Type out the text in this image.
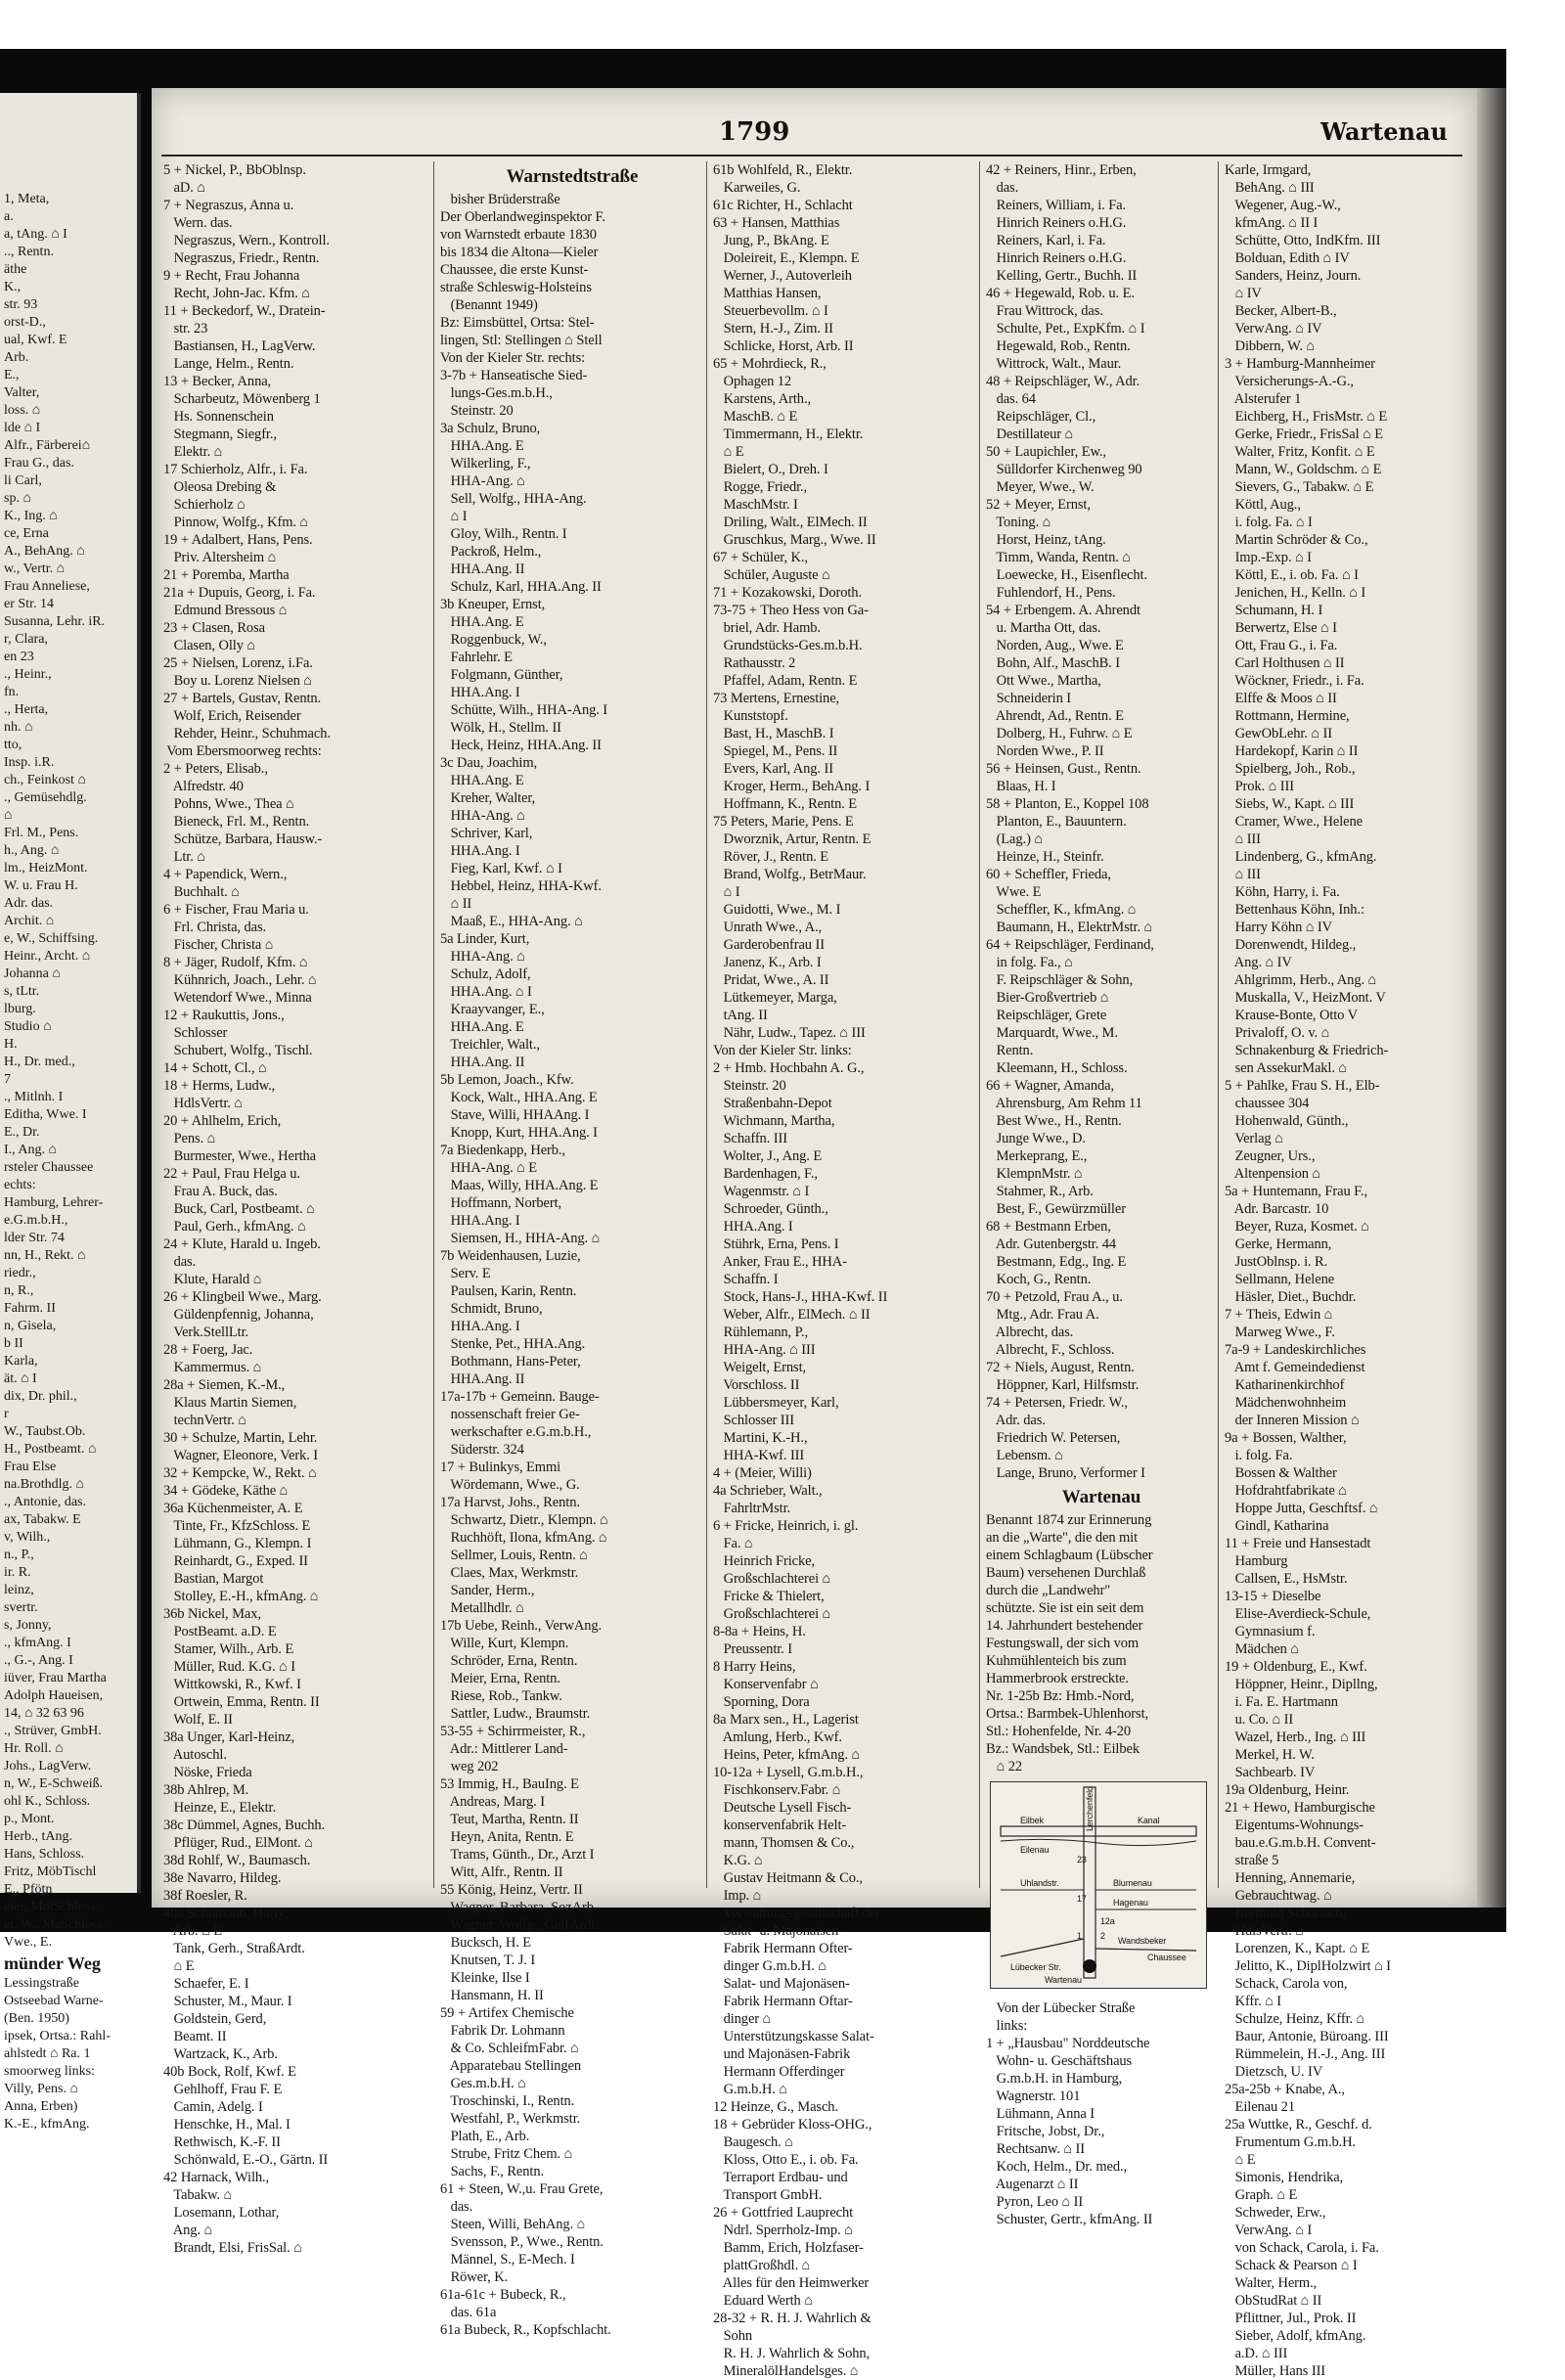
1, Meta,
a.
a, tAng. ⌂ I
.., Rentn.
äthe
K.,
str. 93
orst-D.,
ual, Kwf. E
Arb.
E.,
Valter,
loss. ⌂
lde ⌂ I
Alfr., Färberei⌂
Frau G., das.
li Carl,
sp. ⌂
K., Ing. ⌂
ce, Erna
A., BehAng. ⌂
w., Vertr. ⌂
Frau Anneliese,
er Str. 14
Susanna, Lehr. iR.
r, Clara,
en 23
., Heinr.,
fn.
., Herta,
nh. ⌂
tto,
Insp. i.R.
ch., Feinkost ⌂
., Gemüsehdlg.
⌂
Frl. M., Pens.
h., Ang. ⌂
lm., HeizMont.
W. u. Frau H.
Adr. das.
Archit. ⌂
e, W., Schiffsing.
Heinr., Archt. ⌂
Johanna ⌂
s, tLtr.
lburg.
Studio ⌂
H.
H., Dr. med.,
7
., Mitlnh. I
Editha, Wwe. I
E., Dr.
I., Ang. ⌂
rsteler Chaussee
echts:
Hamburg, Lehrer-
e.G.m.b.H.,
lder Str. 74
nn, H., Rekt. ⌂
riedr.,
n, R.,
Fahrm. II
n, Gisela,
b II
Karla,
ät. ⌂ I
dix, Dr. phil.,
r
W., Taubst.Ob.
H., Postbeamt. ⌂
Frau Else
na.Brothdlg. ⌂
., Antonie, das.
ax, Tabakw. E
v, Wilh.,
n., P.,
ir. R.
leinz,
svertr.
s, Jonny,
., kfmAng. I
., G.-, Ang. I
iüver, Frau Martha
Adolph Haueisen,
14, ⌂ 32 63 96
., Strüver, GmbH.
Hr. Roll. ⌂
Johs., LagVerw.
n, W., E-Schweiß.
ohl K., Schloss.
p., Mont.
Herb., tAng.
Hans, Schloss.
Fritz, MöbTischl
E., Pfötn
eter, MotSchloss.
er, W., MaSchloss.
Vwe., E.
münder Weg
Lessingstraße
Ostseebad Warne-
(Ben. 1950)
ipsek, Ortsa.: Rahl-
ahlstedt ⌂ Ra. 1
smoorweg links:
Villy, Pens. ⌂
Anna, Erben)
K.-E., kfmAng.
1799	Wartenau
5 + Nickel, P., BbOblnsp.
aD. ⌂
7 + Negraszus, Anna u.
Wern. das.
Negraszus, Wern., Kontroll.
Negraszus, Friedr., Rentn.
9 + Recht, Frau Johanna
Recht, John-Jac. Kfm. ⌂
11 + Beckedorf, W., Dratein-
str. 23
Bastiansen, H., LagVerw.
Lange, Helm., Rentn.
13 + Becker, Anna,
Scharbeutz, Möwenberg 1
Hs. Sonnenschein
Stegmann, Siegfr.,
Elektr. ⌂
17 Schierholz, Alfr., i. Fa.
Oleosa Drebing &
Schierholz ⌂
Pinnow, Wolfg., Kfm. ⌂
19 + Adalbert, Hans, Pens.
Priv. Altersheim ⌂
21 + Poremba, Martha
21a + Dupuis, Georg, i. Fa.
Edmund Bressous ⌂
23 + Clasen, Rosa
Clasen, Olly ⌂
25 + Nielsen, Lorenz, i.Fa.
Boy u. Lorenz Nielsen ⌂
27 + Bartels, Gustav, Rentn.
Wolf, Erich, Reisender
Rehder, Heinr., Schuhmach.
Vom Ebersmoorweg rechts:
2 + Peters, Elisab.,
Alfredstr. 40
Pohns, Wwe., Thea ⌂
Bieneck, Frl. M., Rentn.
Schütze, Barbara, Hausw.-
Ltr. ⌂
4 + Papendick, Wern.,
Buchhalt. ⌂
6 + Fischer, Frau Maria u.
Frl. Christa, das.
Fischer, Christa ⌂
8 + Jäger, Rudolf, Kfm. ⌂
Kühnrich, Joach., Lehr. ⌂
Wetendorf Wwe., Minna
12 + Raukuttis, Jons.,
Schlosser
Schubert, Wolfg., Tischl.
14 + Schott, Cl., ⌂
18 + Herms, Ludw.,
HdlsVertr. ⌂
20 + Ahlhelm, Erich,
Pens. ⌂
Burmester, Wwe., Hertha
22 + Paul, Frau Helga u.
Frau A. Buck, das.
Buck, Carl, Postbeamt. ⌂
Paul, Gerh., kfmAng. ⌂
24 + Klute, Harald u. Ingeb.
das.
Klute, Harald ⌂
26 + Klingbeil Wwe., Marg.
Güldenpfennig, Johanna,
Verk.StellLtr.
28 + Foerg, Jac.
Kammermus. ⌂
28a + Siemen, K.-M.,
Klaus Martin Siemen,
technVertr. ⌂
30 + Schulze, Martin, Lehr.
Wagner, Eleonore, Verk. I
32 + Kempcke, W., Rekt. ⌂
34 + Gödeke, Käthe ⌂
36a Küchenmeister, A. E
Tinte, Fr., KfzSchloss. E
Lühmann, G., Klempn. I
Reinhardt, G., Exped. II
Bastian, Margot
Stolley, E.-H., kfmAng. ⌂
36b Nickel, Max,
PostBeamt. a.D. E
Stamer, Wilh., Arb. E
Müller, Rud. K.G. ⌂ I
Wittkowski, R., Kwf. I
Ortwein, Emma, Rentn. II
Wolf, E. II
38a Unger, Karl-Heinz,
Autoschl.
Nöske, Frieda
38b Ahlrep, M.
Heinze, E., Elektr.
38c Dümmel, Agnes, Buchh.
Pflüger, Rud., ElMont. ⌂
38d Rohlf, W., Baumasch.
38e Navarro, Hildeg.
38f Roesler, R.
40a Schümann, Harry,
Arb. ⌂ E
Tank, Gerh., StraßArdt.
⌂ E
Schaefer, E. I
Schuster, M., Maur. I
Goldstein, Gerd,
Beamt. II
Wartzack, K., Arb.
40b Bock, Rolf, Kwf. E
Gehlhoff, Frau F. E
Camin, Adelg. I
Henschke, H., Mal. I
Rethwisch, K.-F. II
Schönwald, E.-O., Gärtn. II
42 Harnack, Wilh.,
Tabakw. ⌂
Losemann, Lothar,
Ang. ⌂
Brandt, Elsi, FrisSal. ⌂
Warnstedtstraße
bisher Brüderstraße
Der Oberlandweginspektor F.
von Warnstedt erbaute 1830
bis 1834 die Altona—Kieler
Chaussee, die erste Kunst-
straße Schleswig-Holsteins
(Benannt 1949)
Bz: Eimsbüttel, Ortsa: Stel-
lingen, Stl: Stellingen ⌂ Stell
Von der Kieler Str. rechts:
3-7b + Hanseatische Sied-
lungs-Ges.m.b.H.,
Steinstr. 20
3a Schulz, Bruno,
HHA.Ang. E
Wilkerling, F.,
HHA-Ang. ⌂
Sell, Wolfg., HHA-Ang.
⌂ I
Gloy, Wilh., Rentn. I
Packroß, Helm.,
HHA.Ang. II
Schulz, Karl, HHA.Ang. II
3b Kneuper, Ernst,
HHA.Ang. E
Roggenbuck, W.,
Fahrlehr. E
Folgmann, Günther,
HHA.Ang. I
Schütte, Wilh., HHA-Ang. I
Wölk, H., Stellm. II
Heck, Heinz, HHA.Ang. II
3c Dau, Joachim,
HHA.Ang. E
Kreher, Walter,
HHA-Ang. ⌂
Schriver, Karl,
HHA.Ang. I
Fieg, Karl, Kwf. ⌂ I
Hebbel, Heinz, HHA-Kwf.
⌂ II
Maaß, E., HHA-Ang. ⌂
5a Linder, Kurt,
HHA-Ang. ⌂
Schulz, Adolf,
HHA.Ang. ⌂ I
Kraayvanger, E.,
HHA.Ang. E
Treichler, Walt.,
HHA.Ang. II
5b Lemon, Joach., Kfw.
Kock, Walt., HHA.Ang. E
Stave, Willi, HHAAng. I
Knopp, Kurt, HHA.Ang. I
7a Biedenkapp, Herb.,
HHA-Ang. ⌂ E
Maas, Willy, HHA.Ang. E
Hoffmann, Norbert,
HHA.Ang. I
Siemsen, H., HHA-Ang. ⌂
7b Weidenhausen, Luzie,
Serv. E
Paulsen, Karin, Rentn.
Schmidt, Bruno,
HHA.Ang. I
Stenke, Pet., HHA.Ang.
Bothmann, Hans-Peter,
HHA.Ang. II
17a-17b + Gemeinn. Bauge-
nossenschaft freier Ge-
werkschafter e.G.m.b.H.,
Süderstr. 324
17 + Bulinkys, Emmi
Wördemann, Wwe., G.
17a Harvst, Johs., Rentn.
Schwartz, Dietr., Klempn. ⌂
Ruchhöft, Ilona, kfmAng. ⌂
Sellmer, Louis, Rentn. ⌂
Claes, Max, Werkmstr.
Sander, Herm.,
Metallhdlr. ⌂
17b Uebe, Reinh., VerwAng.
Wille, Kurt, Klempn.
Schröder, Erna, Rentn.
Meier, Erna, Rentn.
Riese, Rob., Tankw.
Sattler, Ludw., Braumstr.
53-55 + Schirrmeister, R.,
Adr.: Mittlerer Land-
weg 202
53 Immig, H., BauIng. E
Andreas, Marg. I
Teut, Martha, Rentn. II
Heyn, Anita, Rentn. E
Trams, Günth., Dr., Arzt I
Witt, Alfr., Rentn. II
55 König, Heinz, Vertr. II
Wagner, Barbara, SozArb.
Wagner, Wolfg., GelfArdt.
Bucksch, H. E
Knutsen, T. J. I
Kleinke, Ilse I
Hansmann, H. II
59 + Artifex Chemische
Fabrik Dr. Lohmann
& Co. SchleifmFabr. ⌂
Apparatebau Stellingen
Ges.m.b.H. ⌂
Troschinski, I., Rentn.
Westfahl, P., Werkmstr.
Plath, E., Arb.
Strube, Fritz Chem. ⌂
Sachs, F., Rentn.
61 + Steen, W.,u. Frau Grete,
das.
Steen, Willi, BehAng. ⌂
Svensson, P., Wwe., Rentn.
Männel, S., E-Mech. I
Röwer, K.
61a-61c + Bubeck, R.,
das. 61a
61a Bubeck, R., Kopfschlacht.
61b Wohlfeld, R., Elektr.
Karweiles, G.
61c Richter, H., Schlacht
63 + Hansen, Matthias
Jung, P., BkAng. E
Doleireit, E., Klempn. E
Werner, J., Autoverleih
Matthias Hansen,
Steuerbevollm. ⌂ I
Stern, H.-J., Zim. II
Schlicke, Horst, Arb. II
65 + Mohrdieck, R.,
Ophagen 12
Karstens, Arth.,
MaschB. ⌂ E
Timmermann, H., Elektr.
⌂ E
Bielert, O., Dreh. I
Rogge, Friedr.,
MaschMstr. I
Driling, Walt., ElMech. II
Gruschkus, Marg., Wwe. II
67 + Schüler, K.,
Schüler, Auguste ⌂
71 + Kozakowski, Doroth.
73-75 + Theo Hess von Ga-
briel, Adr. Hamb.
Grundstücks-Ges.m.b.H.
Rathausstr. 2
Pfaffel, Adam, Rentn. E
73 Mertens, Ernestine,
Kunststopf.
Bast, H., MaschB. I
Spiegel, M., Pens. II
Evers, Karl, Ang. II
Kroger, Herm., BehAng. I
Hoffmann, K., Rentn. E
75 Peters, Marie, Pens. E
Dworznik, Artur, Rentn. E
Röver, J., Rentn. E
Brand, Wolfg., BetrMaur.
⌂ I
Guidotti, Wwe., M. I
Unrath Wwe., A.,
Garderobenfrau II
Janenz, K., Arb. I
Pridat, Wwe., A. II
Lütkemeyer, Marga,
tAng. II
Nähr, Ludw., Tapez. ⌂ III
Von der Kieler Str. links:
2 + Hmb. Hochbahn A. G.,
Steinstr. 20
Straßenbahn-Depot
Wichmann, Martha,
Schaffn. III
Wolter, J., Ang. E
Bardenhagen, F.,
Wagenmstr. ⌂ I
Schroeder, Günth.,
HHA.Ang. I
Stührk, Erna, Pens. I
Anker, Frau E., HHA-
Schaffn. I
Stock, Hans-J., HHA-Kwf. II
Weber, Alfr., ElMech. ⌂ II
Rühlemann, P.,
HHA-Ang. ⌂ III
Weigelt, Ernst,
Vorschloss. II
Lübbersmeyer, Karl,
Schlosser III
Martini, K.-H.,
HHA-Kwf. III
4 + (Meier, Willi)
4a Schrieber, Walt.,
FahrltrMstr.
6 + Fricke, Heinrich, i. gl.
Fa. ⌂
Heinrich Fricke,
Großschlachterei ⌂
Fricke & Thielert,
Großschlachterei ⌂
8-8a + Heins, H.
Preussentr. I
8 Harry Heins,
Konservenfabr ⌂
Sporning, Dora
8a Marx sen., H., Lagerist
Amlung, Herb., Kwf.
Heins, Peter, kfmAng. ⌂
10-12a + Lysell, G.m.b.H.,
Fischkonserv.Fabr. ⌂
Deutsche Lysell Fisch-
konservenfabrik Helt-
mann, Thomsen & Co.,
K.G. ⌂
Gustav Heitmann & Co.,
Imp. ⌂
Verwaltungsgesellschaft der
Salat- u. Majonaisen-
Fabrik Hermann Ofter-
dinger G.m.b.H. ⌂
Salat- und Majonäsen-
Fabrik Hermann Oftar-
dinger ⌂
Unterstützungskasse Salat-
und Majonäsen-Fabrik
Hermann Offerdinger
G.m.b.H. ⌂
12 Heinze, G., Masch.
18 + Gebrüder Kloss-OHG.,
Baugesch. ⌂
Kloss, Otto E., i. ob. Fa.
Terraport Erdbau- und
Transport GmbH.
26 + Gottfried Lauprecht
Ndrl. Sperrholz-Imp. ⌂
Bamm, Erich, Holzfaser-
plattGroßhdl. ⌂
Alles für den Heimwerker
Eduard Werth ⌂
28-32 + R. H. J. Wahrlich &
Sohn
R. H. J. Wahrlich & Sohn,
MineralölHandelsges. ⌂
42 + Reiners, Hinr., Erben,
das.
Reiners, William, i. Fa.
Hinrich Reiners o.H.G.
Reiners, Karl, i. Fa.
Hinrich Reiners o.H.G.
Kelling, Gertr., Buchh. II
46 + Hegewald, Rob. u. E.
Frau Wittrock, das.
Schulte, Pet., ExpKfm. ⌂ I
Hegewald, Rob., Rentn.
Wittrock, Walt., Maur.
48 + Reipschläger, W., Adr.
das. 64
Reipschläger, Cl.,
Destillateur ⌂
50 + Laupichler, Ew.,
Sülldorfer Kirchenweg 90
Meyer, Wwe., W.
52 + Meyer, Ernst,
Toning. ⌂
Horst, Heinz, tAng.
Timm, Wanda, Rentn. ⌂
Loewecke, H., Eisenflecht.
Fuhlendorf, H., Pens.
54 + Erbengem. A. Ahrendt
u. Martha Ott, das.
Norden, Aug., Wwe. E
Bohn, Alf., MaschB. I
Ott Wwe., Martha,
Schneiderin I
Ahrendt, Ad., Rentn. E
Dolberg, H., Fuhrw. ⌂ E
Norden Wwe., P. II
56 + Heinsen, Gust., Rentn.
Blaas, H. I
58 + Planton, E., Koppel 108
Planton, E., Bauuntern.
(Lag.) ⌂
Heinze, H., Steinfr.
60 + Scheffler, Frieda,
Wwe. E
Scheffler, K., kfmAng. ⌂
Baumann, H., ElektrMstr. ⌂
64 + Reipschläger, Ferdinand,
in folg. Fa., ⌂
F. Reipschläger & Sohn,
Bier-Großvertrieb ⌂
Reipschläger, Grete
Marquardt, Wwe., M.
Rentn.
Kleemann, H., Schloss.
66 + Wagner, Amanda,
Ahrensburg, Am Rehm 11
Best Wwe., H., Rentn.
Junge Wwe., D.
Merkeprang, E.,
KlempnMstr. ⌂
Stahmer, R., Arb.
Best, F., Gewürzmüller
68 + Bestmann Erben,
Adr. Gutenbergstr. 44
Bestmann, Edg., Ing. E
Koch, G., Rentn.
70 + Petzold, Frau A., u.
Mtg., Adr. Frau A.
Albrecht, das.
Albrecht, F., Schloss.
72 + Niels, August, Rentn.
Höppner, Karl, Hilfsmstr.
74 + Petersen, Friedr. W.,
Adr. das.
Friedrich W. Petersen,
Lebensm. ⌂
Lange, Bruno, Verformer I
Wartenau
Benannt 1874 zur Erinnerung
an die „Warte", die den mit
einem Schlagbaum (Lübscher
Baum) versehenen Durchlaß
durch die „Landwehr"
schützte. Sie ist ein seit dem
14. Jahrhundert bestehender
Festungswall, der sich vom
Kuhmühlenteich bis zum
Hammerbrook erstreckte.
Nr. 1-25b Bz: Hmb.-Nord,
Ortsa.: Barmbek-Uhlenhorst,
Stl.: Hohenfelde, Nr. 4-20
Bz.: Wandsbek, Stl.: Eilbek
⌂ 22
Eilbek	Kanal
Eilenau
Lerchenfeld
Uhlandstr.	Blumenau
Hagenau
Lübecker Str.
Wandsbeker
Chaussee
Wartenau
17
23
12a
2
1
Von der Lübecker Straße
links:
1 + „Hausbau" Norddeutsche
Wohn- u. Geschäftshaus
G.m.b.H. in Hamburg,
Wagnerstr. 101
Lühmann, Anna I
Fritsche, Jobst, Dr.,
Rechtsanw. ⌂ II
Koch, Helm., Dr. med.,
Augenarzt ⌂ II
Pyron, Leo ⌂ II
Schuster, Gertr., kfmAng. II
Karle, Irmgard,
BehAng. ⌂ III
Wegener, Aug.-W.,
kfmAng. ⌂ II I
Schütte, Otto, IndKfm. III
Bolduan, Edith ⌂ IV
Sanders, Heinz, Journ.
⌂ IV
Becker, Albert-B.,
VerwAng. ⌂ IV
Dibbern, W. ⌂
3 + Hamburg-Mannheimer
Versicherungs-A.-G.,
Alsterufer 1
Eichberg, H., FrisMstr. ⌂ E
Gerke, Friedr., FrisSal ⌂ E
Walter, Fritz, Konfit. ⌂ E
Mann, W., Goldschm. ⌂ E
Sievers, G., Tabakw. ⌂ E
Köttl, Aug.,
i. folg. Fa. ⌂ I
Martin Schröder & Co.,
Imp.-Exp. ⌂ I
Köttl, E., i. ob. Fa. ⌂ I
Jenichen, H., Kelln. ⌂ I
Schumann, H. I
Berwertz, Else ⌂ I
Ott, Frau G., i. Fa.
Carl Holthusen ⌂ II
Wöckner, Friedr., i. Fa.
Elffe & Moos ⌂ II
Rottmann, Hermine,
GewObLehr. ⌂ II
Hardekopf, Karin ⌂ II
Spielberg, Joh., Rob.,
Prok. ⌂ III
Siebs, W., Kapt. ⌂ III
Cramer, Wwe., Helene
⌂ III
Lindenberg, G., kfmAng.
⌂ III
Köhn, Harry, i. Fa.
Bettenhaus Köhn, Inh.:
Harry Köhn ⌂ IV
Dorenwendt, Hildeg.,
Ang. ⌂ IV
Ahlgrimm, Herb., Ang. ⌂
Muskalla, V., HeizMont. V
Krause-Bonte, Otto V
Privaloff, O. v. ⌂
Schnakenburg & Friedrich-
sen AssekurMakl. ⌂
5 + Pahlke, Frau S. H., Elb-
chaussee 304
Hohenwald, Günth.,
Verlag ⌂
Zeugner, Urs.,
Altenpension ⌂
5a + Huntemann, Frau F.,
Adr. Barcastr. 10
Beyer, Ruza, Kosmet. ⌂
Gerke, Hermann,
JustOblnsp. i. R.
Sellmann, Helene
Häsler, Diet., Buchdr.
7 + Theis, Edwin ⌂
Marweg Wwe., F.
7a-9 + Landeskirchliches
Amt f. Gemeindedienst
Katharinenkirchhof
Mädchenwohnheim
der Inneren Mission ⌂
9a + Bossen, Walther,
i. folg. Fa.
Bossen & Walther
Hofdrahtfabrikate ⌂
Hoppe Jutta, Geschftsf. ⌂
Gindl, Katharina
11 + Freie und Hansestadt
Hamburg
Callsen, E., HsMstr.
13-15 + Dieselbe
Elise-Averdieck-Schule,
Gymnasium f.
Mädchen ⌂
19 + Oldenburg, E., Kwf.
Höppner, Heinr., Dipllng,
i. Fa. E. Hartmann
u. Co. ⌂ II
Wazel, Herb., Ing. ⌂ III
Merkel, H. W.
Sachbearb. IV
19a Oldenburg, Heinr.
21 + Hewo, Hamburgische
Eigentums-Wohnungs-
bau.e.G.m.b.H. Convent-
straße 5
Henning, Annemarie,
Gebrauchtwag. ⌂
Berthold Schorisch,
HdlsVertr. ⌂
Lorenzen, K., Kapt. ⌂ E
Jelitto, K., DiplHolzwirt ⌂ I
Schack, Carola von,
Kffr. ⌂ I
Schulze, Heinz, Kffr. ⌂
Baur, Antonie, Büroang. III
Rümmelein, H.-J., Ang. III
Dietzsch, U. IV
25a-25b + Knabe, A.,
Eilenau 21
25a Wuttke, R., Geschf. d.
Frumentum G.m.b.H.
⌂ E
Simonis, Hendrika,
Graph. ⌂ E
Schweder, Erw.,
VerwAng. ⌂ I
von Schack, Carola, i. Fa.
Schack & Pearson ⌂ I
Walter, Herm.,
ObStudRat ⌂ II
Pflittner, Jul., Prok. II
Sieber, Adolf, kfmAng.
a.D. ⌂ III
Müller, Hans III
